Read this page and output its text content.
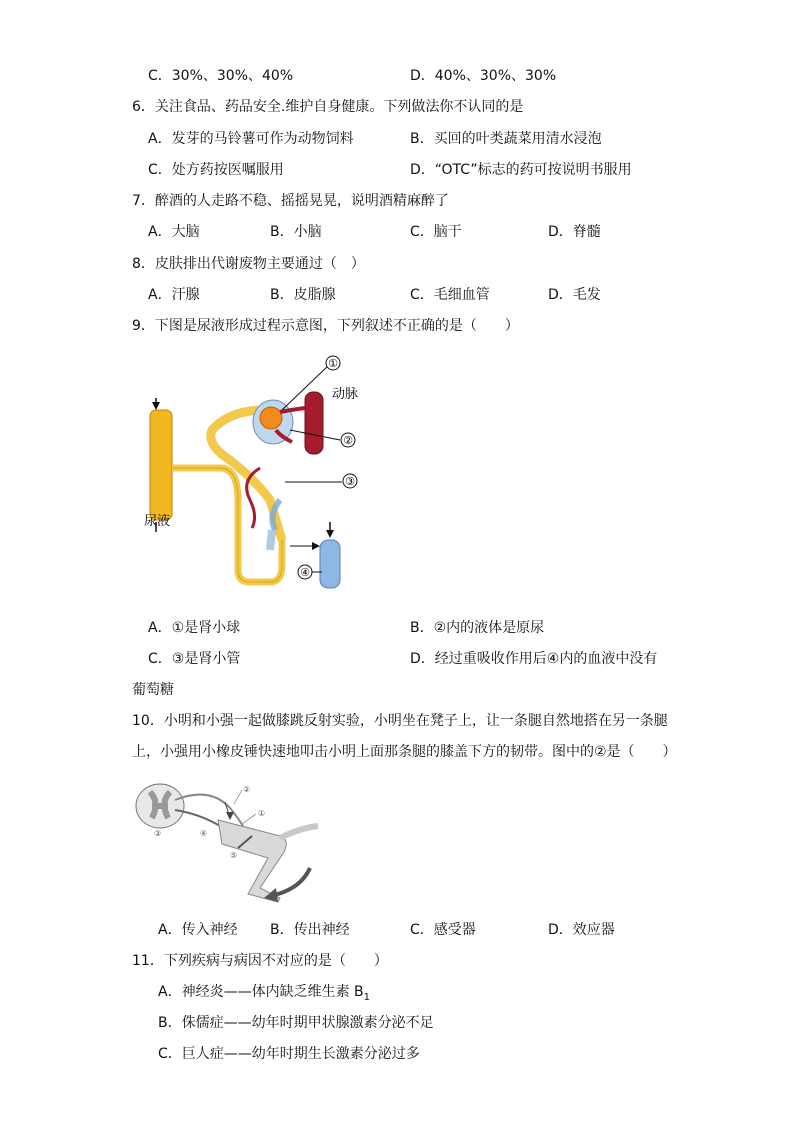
C．30%、30%、40%	D．40%、30%、30%
6．关注食品、药品安全.维护自身健康。下列做法你不认同的是
A．发芽的马铃薯可作为动物饲料	B．买回的叶类蔬菜用清水浸泡
C．处方药按医嘱服用	D．“OTC”标志的药可按说明书服用
7．醉酒的人走路不稳、摇摇晃晃，说明酒精麻醉了
A．大脑	B．小脑	C．脑干	D．脊髓
8．皮肤排出代谢废物主要通过（　）
A．汗腺	B．皮脂腺	C．毛细血管	D．毛发
9．下图是尿液形成过程示意图，下列叙述不正确的是（　　）
①
②
③
④
动脉
尿液
A．①是肾小球	B．②内的液体是原尿
C．③是肾小管	D．经过重吸收作用后④内的血液中没有
葡萄糖
10．小明和小强一起做膝跳反射实验，小明坐在凳子上，让一条腿自然地搭在另一条腿
上，小强用小橡皮锤快速地叩击小明上面那条腿的膝盖下方的韧带。图中的②是（　　）
②
①
③	④
⑤
A．传入神经 B．传出神经	C．感受器	D．效应器
11．下列疾病与病因不对应的是（　　）
A．神经炎——体内缺乏维生素 $B_1$
B．侏儒症——幼年时期甲状腺激素分泌不足
C．巨人症——幼年时期生长激素分泌过多
